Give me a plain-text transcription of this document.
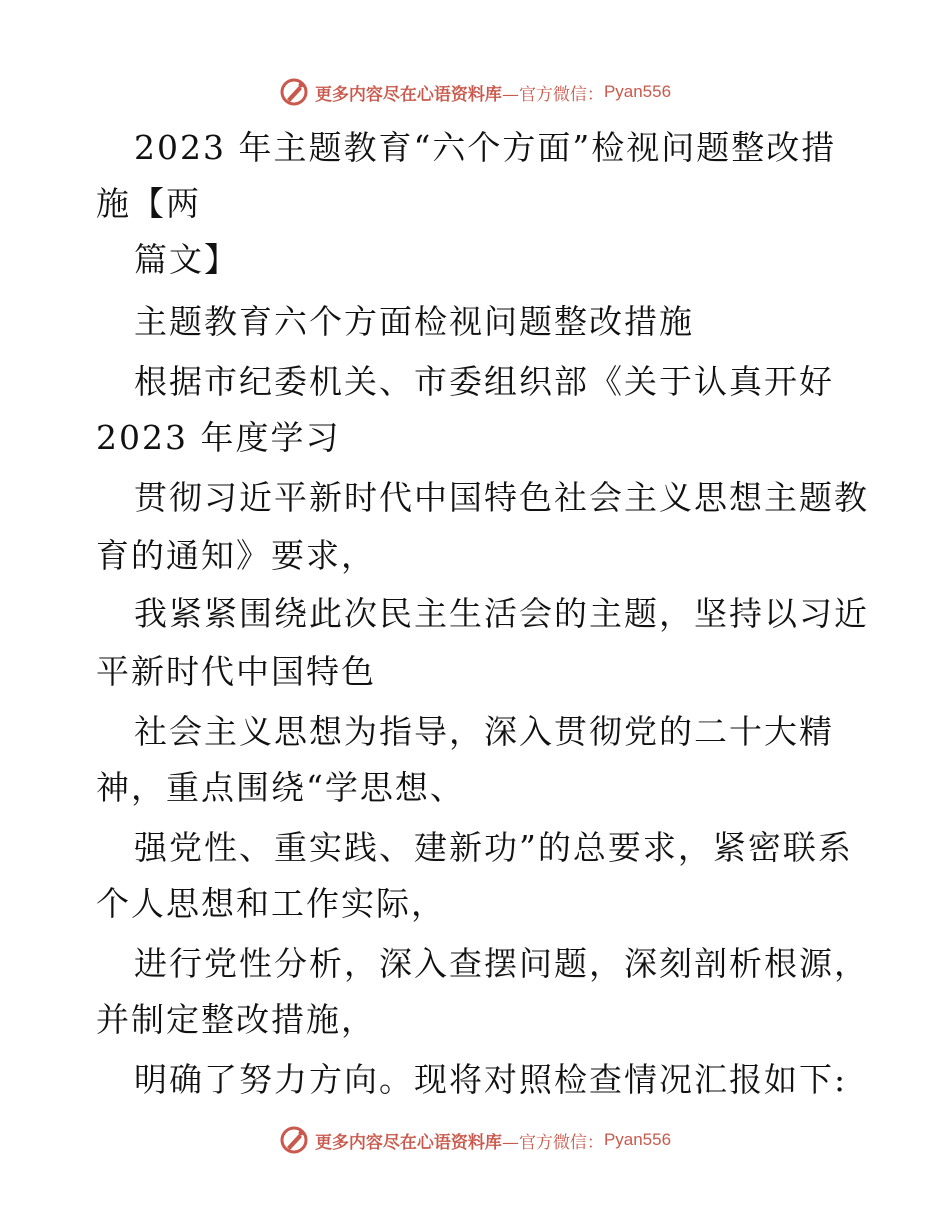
更多内容尽在心语资料库 —官方微信： Pyan556
2023 年主题教育“六个方面”检视问题整改措
施【两
篇文】
主题教育六个方面检视问题整改措施
根据市纪委机关、市委组织部《关于认真开好
2023 年度学习
贯彻习近平新时代中国特色社会主义思想主题教
育的通知》要求，
我紧紧围绕此次民主生活会的主题，坚持以习近
平新时代中国特色
社会主义思想为指导，深入贯彻党的二十大精
神，重点围绕“学思想、
强党性、重实践、建新功”的总要求，紧密联系
个人思想和工作实际，
进行党性分析，深入查摆问题，深刻剖析根源，
并制定整改措施，
明确了努力方向。现将对照检查情况汇报如下:
更多内容尽在心语资料库 —官方微信： Pyan556
